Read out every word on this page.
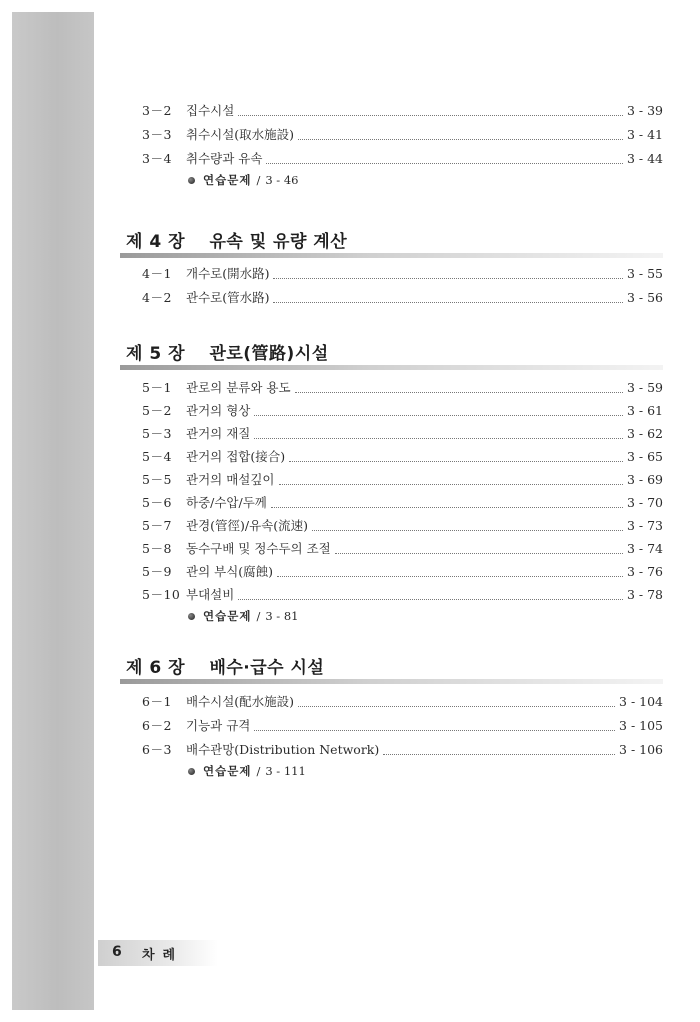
3－2	집수시설	3 - 39
3－3	취수시설(取水施設)	3 - 41
3－4	취수량과 유속	3 - 44
연습문제 / 3 - 46
제 4 장 유속 및 유량 계산
4－1	개수로(開水路)	3 - 55
4－2	관수로(管水路)	3 - 56
제 5 장 관로(管路)시설
5－1	관로의 분류와 용도	3 - 59
5－2	관거의 형상	3 - 61
5－3	관거의 재질	3 - 62
5－4	관거의 접합(接合)	3 - 65
5－5	관거의 매설깊이	3 - 69
5－6	하중/수압/두께	3 - 70
5－7	관경(管徑)/유속(流速)	3 - 73
5－8	동수구배 및 정수두의 조절	3 - 74
5－9	관의 부식(腐蝕)	3 - 76
5－10 부대설비	3 - 78
연습문제 / 3 - 81
제 6 장 배수·급수 시설
6－1	배수시설(配水施設)	3 - 104
6－2	기능과 규격	3 - 105
6－3	배수관망(Distribution Network)	3 - 106
연습문제 / 3 - 111
6 차례
